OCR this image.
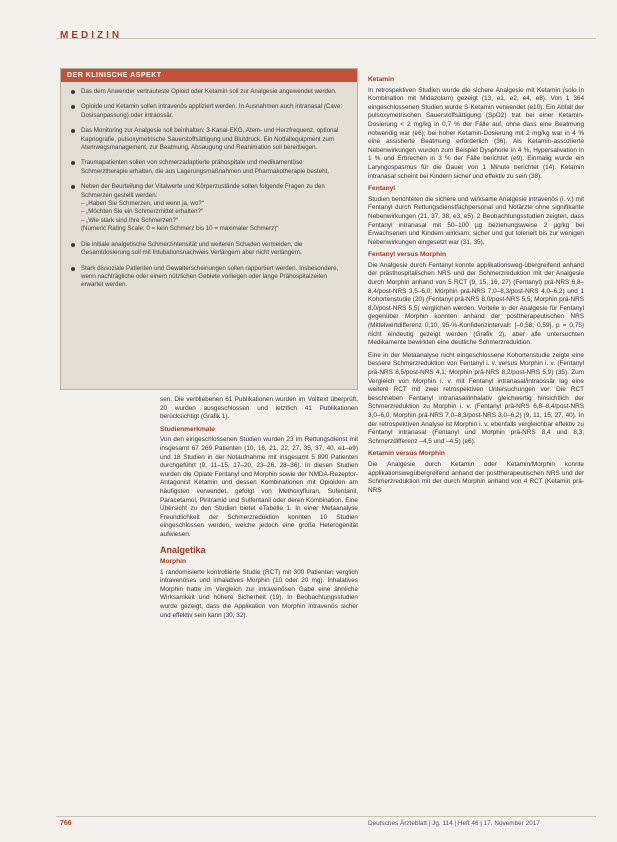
MEDIZIN
DER KLINISCHE ASPEKT
Das dem Anwender vertrauteste Opioid oder Ketamin soll zur Analgesie angewendet werden.
Opioide und Ketamin sollen intravenös appliziert werden. In Ausnahmen auch intranasal (Cave: Dosisanpassung) oder intraossär.
Das Monitoring zur Analgesie soll beinhalten: 3-Kanal-EKG, Atem- und Herzfrequenz, optional Kapnografie, pulsoxymetrische Sauerstoffsättigung und Blutdruck. Ein Notfallequipment zum Atemwegsmanagement, zur Beatmung, Absaugung und Reanimation soll bereitliegen.
Traumapatienten sollen von schmerzadaptierte prähospitale und medikamentöse Schmerztherapie erhalten, die aus Lagerungsmaßnahmen und Pharmakotherapie besteht.
Neben der Beurteilung der Vitalwerte und Körperzustände sollen folgende Fragen zu den Schmerzen gestellt werden:
– „Haben Sie Schmerzen, und wenn ja, wo?“
– „Möchten Sie ein Schmerzmittel erhalten?“
– „Wie stark sind Ihre Schmerzen?“
(Numeric Rating Scale: 0 = kein Schmerz bis 10 = maximaler Schmerz)“
Die initiale analgetische Schmerzintensität und weiteren Schaden vermeiden, die Gesamtdosierung soll mit Intubationsnachweis Verlängern aber nicht verlängern.
Stark dissoziale Patienten und Gewalterscheinungen sollen rapportiert werden. Insbesondere, wenn nachträgliche oder einem nützlichen Gebiete vorliegen oder lange Prähospitalzeiten erwartet werden.

sen. Die verbliebenen 61 Publikationen wurden im Volltext überprüft, 20 wurden ausgeschlossen und letztlich 41 Publikationen berücksichtigt (Grafik 1).

Studienmerkmale

Von den eingeschlossenen Studien wurden 23 im Rettungsdienst mit insgesamt 67 269 Patienten (10, 16, 21, 22, 27, 35, 37, 40, e1–e9) und 18 Studien in der Notaufnahme mit insgesamt 5 890 Patienten durchgeführt (9, 11–15, 17–20, 23–26, 28–36). In diesen Studien wurden die Opiate Fentanyl und Morphin sowie der NMDA-Rezeptor-Antagonist Ketamin und dessen Kombinationen mit Opioiden am häufigsten verwendet, gefolgt von Methoxyfluran, Sufentanil, Paracetamol, Piritramid und Sulfentanil oder deren Kombination. Eine Übersicht zu den Studien bietet eTabelle 1. In einer Metaanalyse Freundlichkeit der Schmerzreduktion konnten 10 Studien eingeschlossen werden, welche jedoch eine große Heterogenität aufwiesen.

Analgetika
Morphin

1 randomisierte kontrollierte Studie (RCT) mit 300 Patienten verglich intravenöses und inhalatives Morphin (10 oder 20 mg). Inhalatives Morphin hatte im Vergleich zur intravenösen Gabe eine ähnliche Wirksamkeit und höhere Sicherheit (19). In Beobachtungsstudien wurde gezeigt, dass die Applikation von Morphin intravenös sicher und effektiv sein kann (30, 32).

Ketamin

In retrospektiven Studien wurde die sichere Analgesie mit Ketamin (solo in Kombination mit Midazolam) gezeigt (13, e1, e2, e4, e8). Von 1 364 eingeschlossenen Studien wurde S-Ketamin verwendet (e10). Ein Abfall der pulsoxymetrischen Sauerstoffsättigung (SpO2) trat bei einer Ketamin-Dosierung < 2 mg/kg in 0,7 % der Fälle auf, ohne dass eine Beatmung notwendig war (e6); bei hoher Ketamin-Dosierung mit 2 mg/kg war in 4 % eine assistierte Beatmung erforderlich (36). Als Ketamin-assoziierte Nebenwirkungen wurden zum Beispiel Dysphorie in 4 %, Hypersalivation in 1 % und Erbrechen in 3 % der Fälle berichtet (e9). Einmalig wurde ein Laryngospasmus für die Dauer von 1 Minute berichtet (14). Ketamin intranasal scheint bei Kindern sicher und effektiv zu sein (38).

Fentanyl

Studien berichteten die sichere und wirksame Analgesie intravenös (i. v.) mit Fentanyl durch Rettungsdienstfachpersonal und Notärzte ohne signifikante Nebenwirkungen (21, 37, 38, e3, e5). 2 Beobachtungsstudien zeigten, dass Fentanyl intranasal mit 50–100 µg beziehungsweise 2 µg/kg bei Erwachsenen und Kindern wirksam, sicher und gut toleriert bis zur wenigen Nebenwirkungen eingesetzt war (31, 35).

Fentanyl versus Morphin

Die Analgesie durch Fentanyl konnte applikationsweg-übergreifend anhand der prästhospitalischen NRS und der Schmerzreduktion mit der Analgesie durch Morphin anhand von 5 RCT (9, 15, 16, 27) (Fentanyl) prä-NRS 6,8–8,4/post-NRS 3,5–6,0; Morphin prä-NRS 7,0–8,3/post-NRS 4,0–6,2) und 1 Kohortenstudie (20) (Fentanyl prä-NRS 8,0/post-NRS 5,5; Morphin prä-NRS 8,0/post-NRS 5,5) verglichen werden. Vorteile in der Analgesie für Fentanyl gegenüber Morphin konnten anhand der posttherapeutischen NRS (Mittelwertdifferenz 0,10; 95-%-Konfidenzintervall: [–0,58; 0,59], p = 0,75) nicht eindeutig gezeigt werden (Grafik 2), aber alle untersuchten Medikamente bewirkten eine deutliche Schmerzreduktion.

Eine in der Metaanalyse nicht eingeschlossene Kohortenstudie zeigte eine bessere Schmerzreduktion von Fentanyl i. v. versus Morphin i. v. (Fentanyl prä-NRS 8,5/post-NRS 4,1; Morphin prä-NRS 8,2/post-NRS 5,9) (35). Zum Vergleich von Morphin i. v. mit Fentanyl intranasal/intraossär lag eine weitere RCT mit zwei retrospektiven Untersuchungen vor: Die RCT beschrieben Fentanyl intranasal/inhalativ gleichwertig hinsichtlich der Schmerzreduktion zu Morphin i. v. (Fentanyl prä-NRS 6,8–8,4/post-NRS 3,0–6,0; Morphin prä-NRS 7,0–8,3/post-NRS 3,0–6,2) (9, 11, 15, 27, 40). In der retrospektiven Analyse ist Morphin i. v. ebenfalls vergleichbar effektiv zu Fentanyl intranasal (Fentanyl und Morphin prä-NRS 8,4 und 8,3; Schmerzdifferenz –4,5 und –4,5) (e6).

Ketamin versus Morphin

Die Analgesie durch Ketamin oder Ketamin/Morphin konnte applikationswegübergreifend anhand der posttherapeutischen NRS und der Schmerzreduktion mit der durch Morphin anhand von 4 RCT (Ketamin prä-NRS

766	Deutsches Ärzteblatt | Jg. 114 | Heft 46 | 17. November 2017
